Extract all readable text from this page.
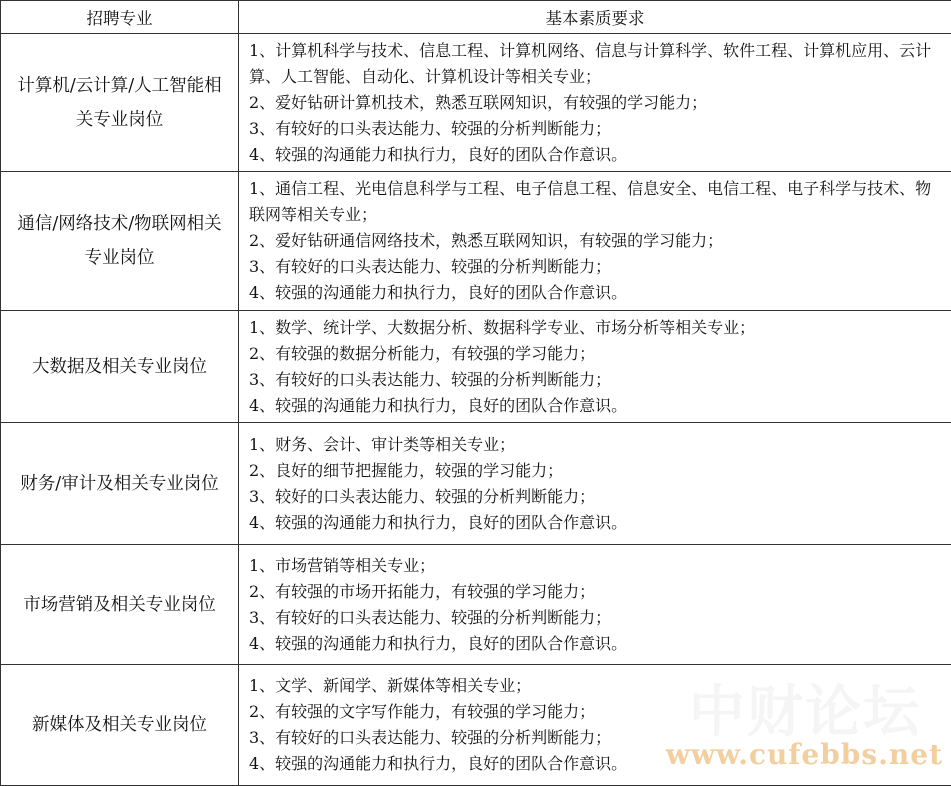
招聘专业	基本素质要求
计算机/云计算/人工智能相关专业岗位	1、计算机科学与技术、信息工程、计算机网络、信息与计算科学、软件工程、计算机应用、云计算、人工智能、自动化、计算机设计等相关专业；
2、爱好钻研计算机技术，熟悉互联网知识，有较强的学习能力；
3、有较好的口头表达能力、较强的分析判断能力；
4、较强的沟通能力和执行力，良好的团队合作意识。

通信/网络技术/物联网相关专业岗位	1、通信工程、光电信息科学与工程、电子信息工程、信息安全、电信工程、电子科学与技术、物联网等相关专业；
2、爱好钻研通信网络技术，熟悉互联网知识，有较强的学习能力；
3、有较好的口头表达能力、较强的分析判断能力；
4、较强的沟通能力和执行力，良好的团队合作意识。

大数据及相关专业岗位	1、数学、统计学、大数据分析、数据科学专业、市场分析等相关专业；
2、有较强的数据分析能力，有较强的学习能力；
3、有较好的口头表达能力、较强的分析判断能力；
4、较强的沟通能力和执行力，良好的团队合作意识。

财务/审计及相关专业岗位	1、财务、会计、审计类等相关专业；
2、良好的细节把握能力，较强的学习能力；
3、较好的口头表达能力、较强的分析判断能力；
4、较强的沟通能力和执行力，良好的团队合作意识。

市场营销及相关专业岗位	1、市场营销等相关专业；
2、有较强的市场开拓能力，有较强的学习能力；
3、有较好的口头表达能力、较强的分析判断能力；
4、较强的沟通能力和执行力，良好的团队合作意识。

新媒体及相关专业岗位	1、文学、新闻学、新媒体等相关专业；
2、有较强的文字写作能力，有较强的学习能力；
3、有较好的口头表达能力、较强的分析判断能力；
4、较强的沟通能力和执行力，良好的团队合作意识。
中财论坛
www.cufebbs.net
